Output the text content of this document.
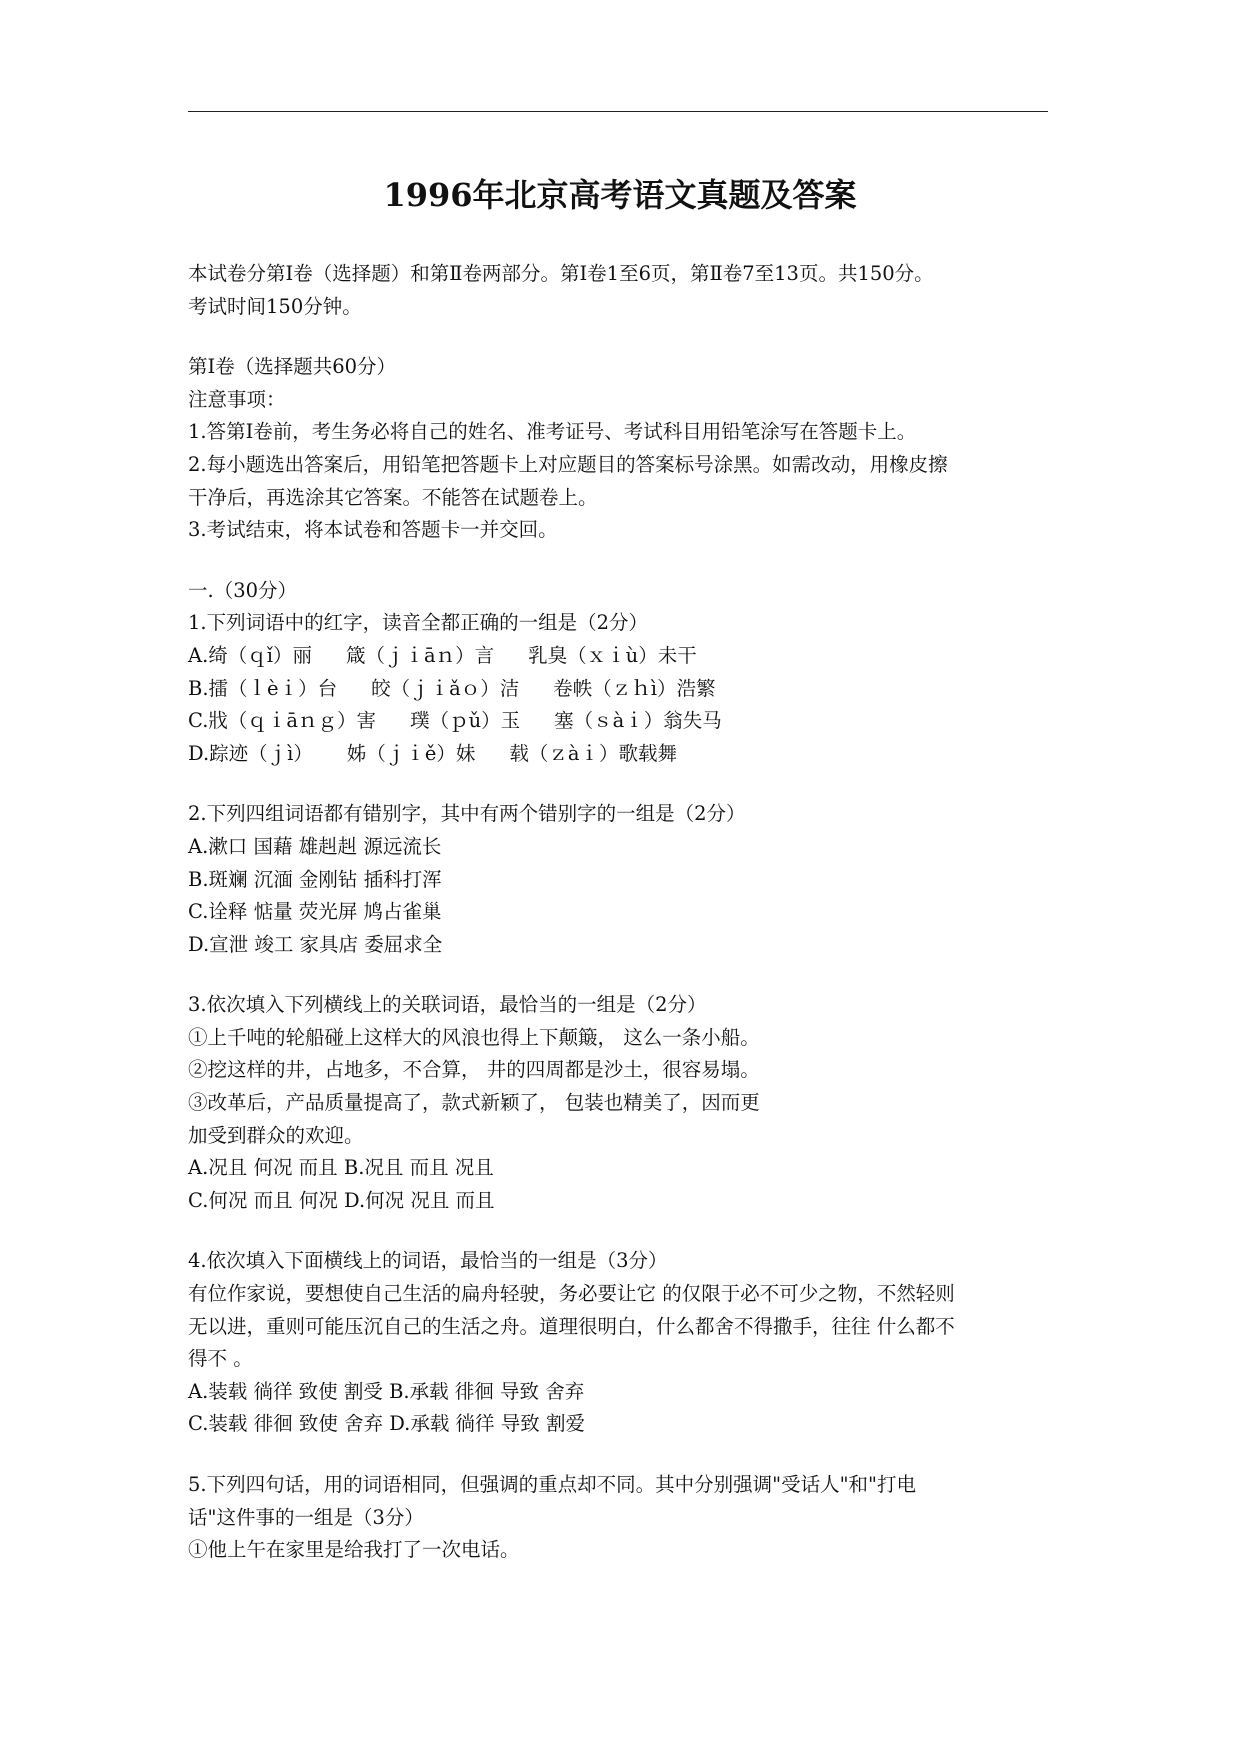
1996年北京高考语文真题及答案
本试卷分第Ⅰ卷（选择题）和第Ⅱ卷两部分。第Ⅰ卷1至6页，第Ⅱ卷7至13页。共150分。
考试时间150分钟。
第Ⅰ卷（选择题共60分）
注意事项：
1.答第Ⅰ卷前，考生务必将自己的姓名、准考证号、考试科目用铅笔涂写在答题卡上。
2.每小题选出答案后，用铅笔把答题卡上对应题目的答案标号涂黑。如需改动，用橡皮擦
干净后，再选涂其它答案。不能答在试题卷上。
3.考试结束，将本试卷和答题卡一并交回。
一.（30分）
1.下列词语中的红字，读音全都正确的一组是（2分）
A.绮（ｑǐ）丽 箴（ｊｉāｎ）言 乳臭（ｘｉù）未干
B.擂（ｌèｉ）台 皎（ｊｉǎｏ）洁 卷帙（ｚｈì）浩繁
C.戕（ｑｉāｎｇ）害 璞（ｐǔ）玉 塞（ｓàｉ）翁失马
D.踪迹（ｊì） 姊（ｊｉě）妹 载（ｚàｉ）歌载舞
2.下列四组词语都有错别字，其中有两个错别字的一组是（2分）
A.漱口 国藉 雄赳赳 源远流长
B.斑斓 沉湎 金刚钻 插科打浑
C.诠释 惦量 荧光屏 鸠占雀巢
D.宣泄 竣工 家具店 委屈求全
3.依次填入下列横线上的关联词语，最恰当的一组是（2分）
①上千吨的轮船碰上这样大的风浪也得上下颠簸， 这么一条小船。
②挖这样的井，占地多，不合算， 井的四周都是沙土，很容易塌。
③改革后，产品质量提高了，款式新颖了， 包装也精美了，因而更
加受到群众的欢迎。
A.况且 何况 而且 B.况且 而且 况且
C.何况 而且 何况 D.何况 况且 而且
4.依次填入下面横线上的词语，最恰当的一组是（3分）
有位作家说，要想使自己生活的扁舟轻驶，务必要让它 的仅限于必不可少之物，不然轻则
无以进，重则可能压沉自己的生活之舟。道理很明白，什么都舍不得撒手，往往 什么都不
得不 。
A.装载 徜徉 致使 割受 B.承载 徘徊 导致 舍弃
C.装载 徘徊 致使 舍弃 D.承载 徜徉 导致 割爱
5.下列四句话，用的词语相同，但强调的重点却不同。其中分别强调"受话人"和"打电
话"这件事的一组是（3分）
①他上午在家里是给我打了一次电话。
